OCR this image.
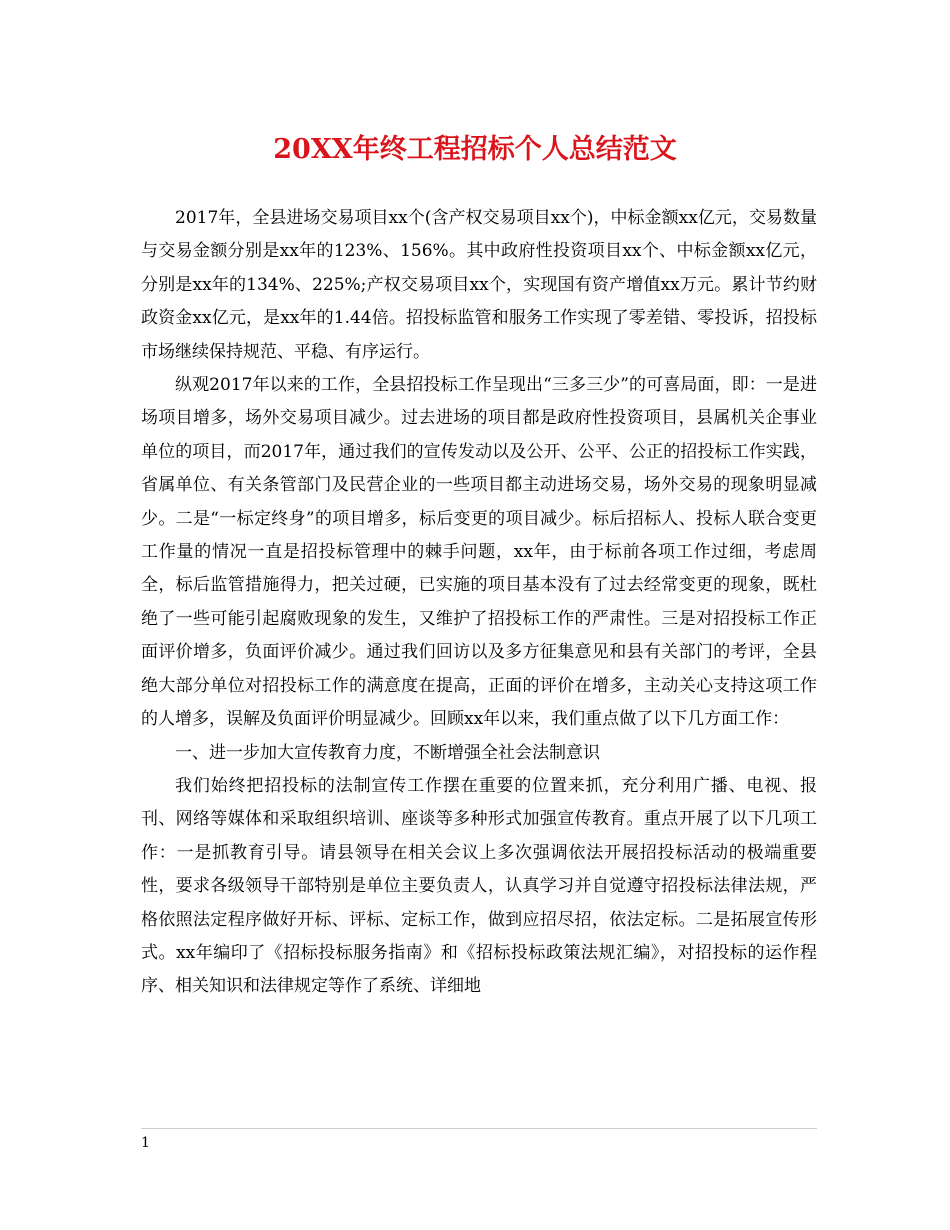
20XX年终工程招标个人总结范文

2017年，全县进场交易项目xx个(含产权交易项目xx个)，中标金额xx亿元，交易数量与交易金额分别是xx年的123%、156%。其中政府性投资项目xx个、中标金额xx亿元，分别是xx年的134%、225%;产权交易项目xx个，实现国有资产增值xx万元。累计节约财政资金xx亿元，是xx年的1.44倍。招投标监管和服务工作实现了零差错、零投诉，招投标市场继续保持规范、平稳、有序运行。

纵观2017年以来的工作，全县招投标工作呈现出“三多三少”的可喜局面，即：一是进场项目增多，场外交易项目减少。过去进场的项目都是政府性投资项目，县属机关企事业单位的项目，而2017年，通过我们的宣传发动以及公开、公平、公正的招投标工作实践，省属单位、有关条管部门及民营企业的一些项目都主动进场交易，场外交易的现象明显减少。二是“一标定终身”的项目增多，标后变更的项目减少。标后招标人、投标人联合变更工作量的情况一直是招投标管理中的棘手问题，xx年，由于标前各项工作过细，考虑周全，标后监管措施得力，把关过硬，已实施的项目基本没有了过去经常变更的现象，既杜绝了一些可能引起腐败现象的发生，又维护了招投标工作的严肃性。三是对招投标工作正面评价增多，负面评价减少。通过我们回访以及多方征集意见和县有关部门的考评，全县绝大部分单位对招投标工作的满意度在提高，正面的评价在增多，主动关心支持这项工作的人增多，误解及负面评价明显减少。回顾xx年以来，我们重点做了以下几方面工作：

一、进一步加大宣传教育力度，不断增强全社会法制意识

我们始终把招投标的法制宣传工作摆在重要的位置来抓，充分利用广播、电视、报刊、网络等媒体和采取组织培训、座谈等多种形式加强宣传教育。重点开展了以下几项工作：一是抓教育引导。请县领导在相关会议上多次强调依法开展招投标活动的极端重要性，要求各级领导干部特别是单位主要负责人，认真学习并自觉遵守招投标法律法规，严格依照法定程序做好开标、评标、定标工作，做到应招尽招，依法定标。二是拓展宣传形式。xx年编印了《招标投标服务指南》和《招标投标政策法规汇编》，对招投标的运作程序、相关知识和法律规定等作了系统、详细地

1
